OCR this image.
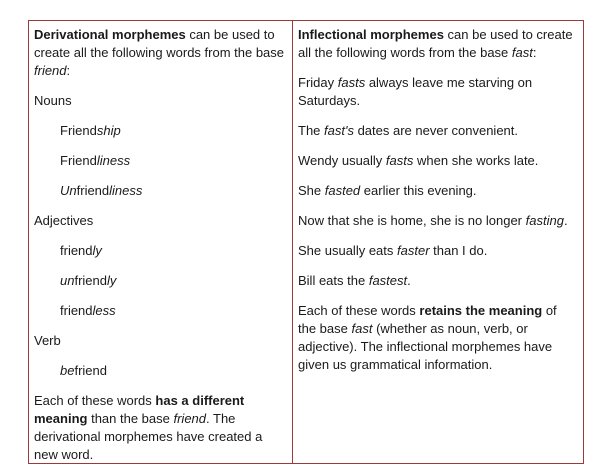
Derivational morphemes can be used to create all the following words from the base friend:

Nouns

Friendship

Friendliness

Unfriendliness

Adjectives

friendly

unfriendly

friendless

Verb

befriend

Each of these words has a different meaning than the base friend. The derivational morphemes have created a new word.

Inflectional morphemes can be used to create all the following words from the base fast:

Friday fasts always leave me starving on Saturdays.

The fast's dates are never convenient.

Wendy usually fasts when she works late.

She fasted earlier this evening.

Now that she is home, she is no longer fasting.

She usually eats faster than I do.

Bill eats the fastest.

Each of these words retains the meaning of the base fast (whether as noun, verb, or adjective). The inflectional morphemes have given us grammatical information.
